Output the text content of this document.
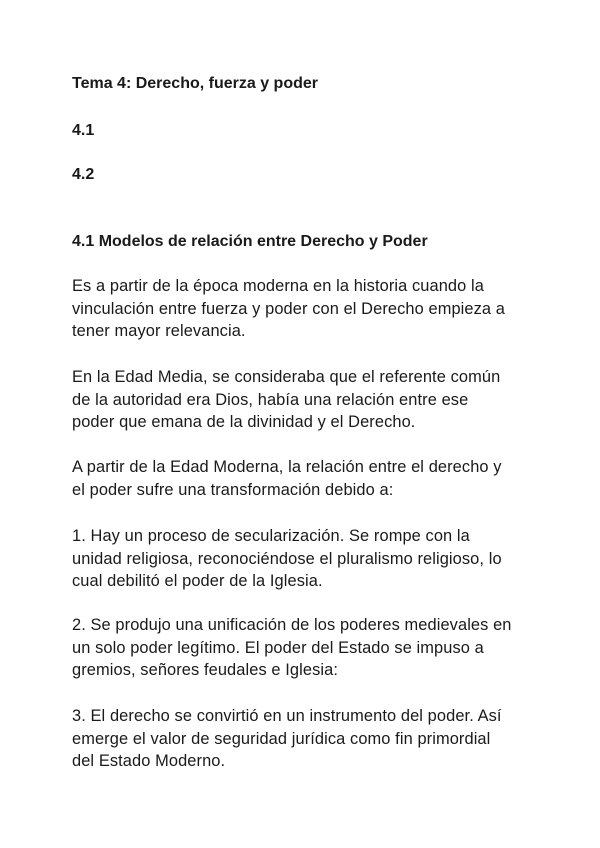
Tema 4: Derecho, fuerza y poder
4.1
4.2
4.1 Modelos de relación entre Derecho y Poder
Es a partir de la época moderna en la historia cuando la
vinculación entre fuerza y poder con el Derecho empieza a
tener mayor relevancia.
En la Edad Media, se consideraba que el referente común
de la autoridad era Dios, había una relación entre ese
poder que emana de la divinidad y el Derecho.
A partir de la Edad Moderna, la relación entre el derecho y
el poder sufre una transformación debido a:
1. Hay un proceso de secularización. Se rompe con la
unidad religiosa, reconociéndose el pluralismo religioso, lo
cual debilitó el poder de la Iglesia.
2. Se produjo una unificación de los poderes medievales en
un solo poder legítimo. El poder del Estado se impuso a
gremios, señores feudales e Iglesia:
3. El derecho se convirtió en un instrumento del poder. Así
emerge el valor de seguridad jurídica como fin primordial
del Estado Moderno.
